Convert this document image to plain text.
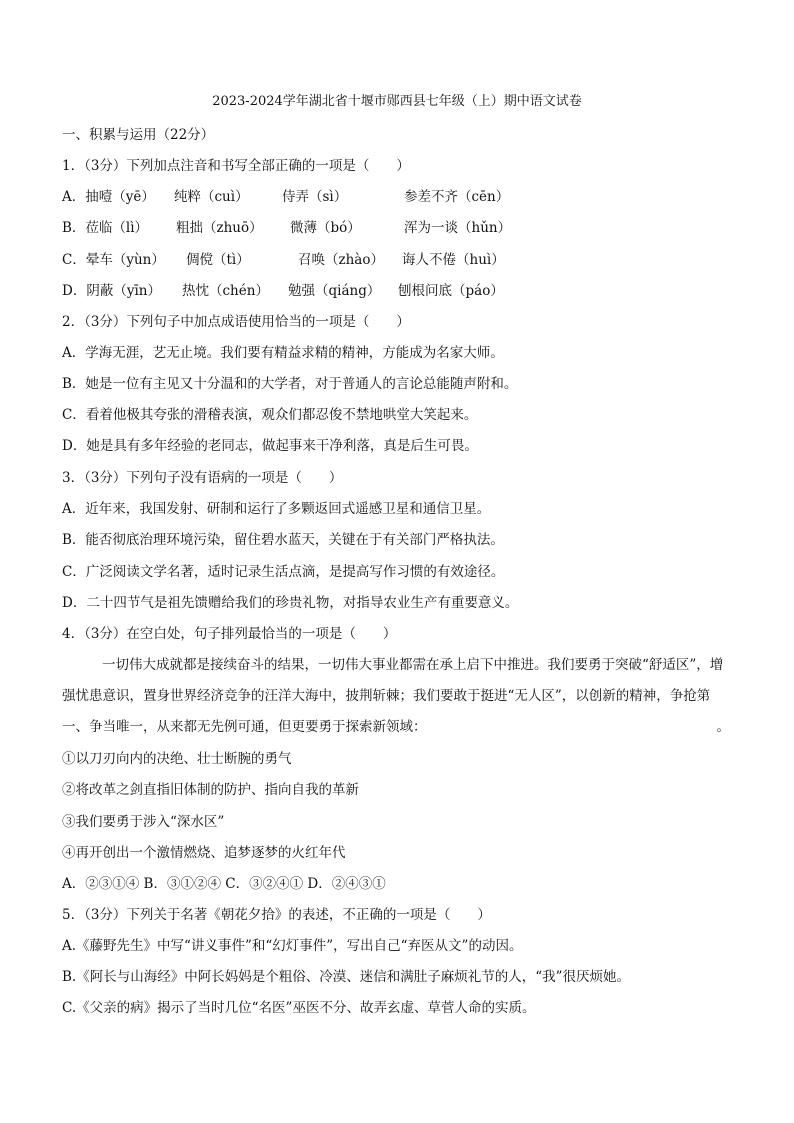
2023-2024学年湖北省十堰市郧西县七年级（上）期中语文试卷
一、积累与运用（22分）
1．（3分）下列加点注音和书写全部正确的一项是（　　）
A．抽噎（yē） 纯粹（cuì） 侍弄（sì）	参差不齐（cēn）
B．莅临（lì） 粗拙（zhuō） 微薄（bó）	浑为一谈（hǔn）
C．晕车（yùn） 倜傥（tì）	召唤（zhào） 诲人不倦（huì）
D．阴蔽（yīn） 热忱（chén） 勉强（qiáng） 刨根问底（páo）
2．（3分）下列句子中加点成语使用恰当的一项是（　　）
A．学海无涯，艺无止境。我们要有精益求精的精神，方能成为名家大师。
B．她是一位有主见又十分温和的大学者，对于普通人的言论总能随声附和。
C．看着他极其夸张的滑稽表演，观众们都忍俊不禁地哄堂大笑起来。
D．她是具有多年经验的老同志，做起事来干净利落，真是后生可畏。
3．（3分）下列句子没有语病的一项是（　　）
A．近年来，我国发射、研制和运行了多颗返回式遥感卫星和通信卫星。
B．能否彻底治理环境污染，留住碧水蓝天，关键在于有关部门严格执法。
C．广泛阅读文学名著，适时记录生活点滴，是提高写作习惯的有效途径。
D．二十四节气是祖先馈赠给我们的珍贵礼物，对指导农业生产有重要意义。
4．（3分）在空白处，句子排列最恰当的一项是（　　）
一切伟大成就都是接续奋斗的结果，一切伟大事业都需在承上启下中推进。我们要勇于突破“舒适区”，增强忧患意识，置身世界经济竞争的汪洋大海中，披荆斩棘；我们要敢于挺进“无人区”，以创新的精神，争抢第一、争当唯一，从来都无先例可通，但更要勇于探索新领域：	。
①以刀刃向内的决绝、壮士断腕的勇气
②将改革之剑直指旧体制的防护、指向自我的革新
③我们要勇于涉入“深水区”
④再开创出一个激情燃烧、追梦逐梦的火红年代
A．②③①④ B．③①②④ C．③②④① D．②④③①
5．（3分）下列关于名著《朝花夕拾》的表述，不正确的一项是（　　）
A.《藤野先生》中写“讲义事件”和“幻灯事件”，写出自己“弃医从文”的动因。
B.《阿长与山海经》中阿长妈妈是个粗俗、冷漠、迷信和满肚子麻烦礼节的人，“我”很厌烦她。
C.《父亲的病》揭示了当时几位“名医”巫医不分、故弄玄虚、草菅人命的实质。
